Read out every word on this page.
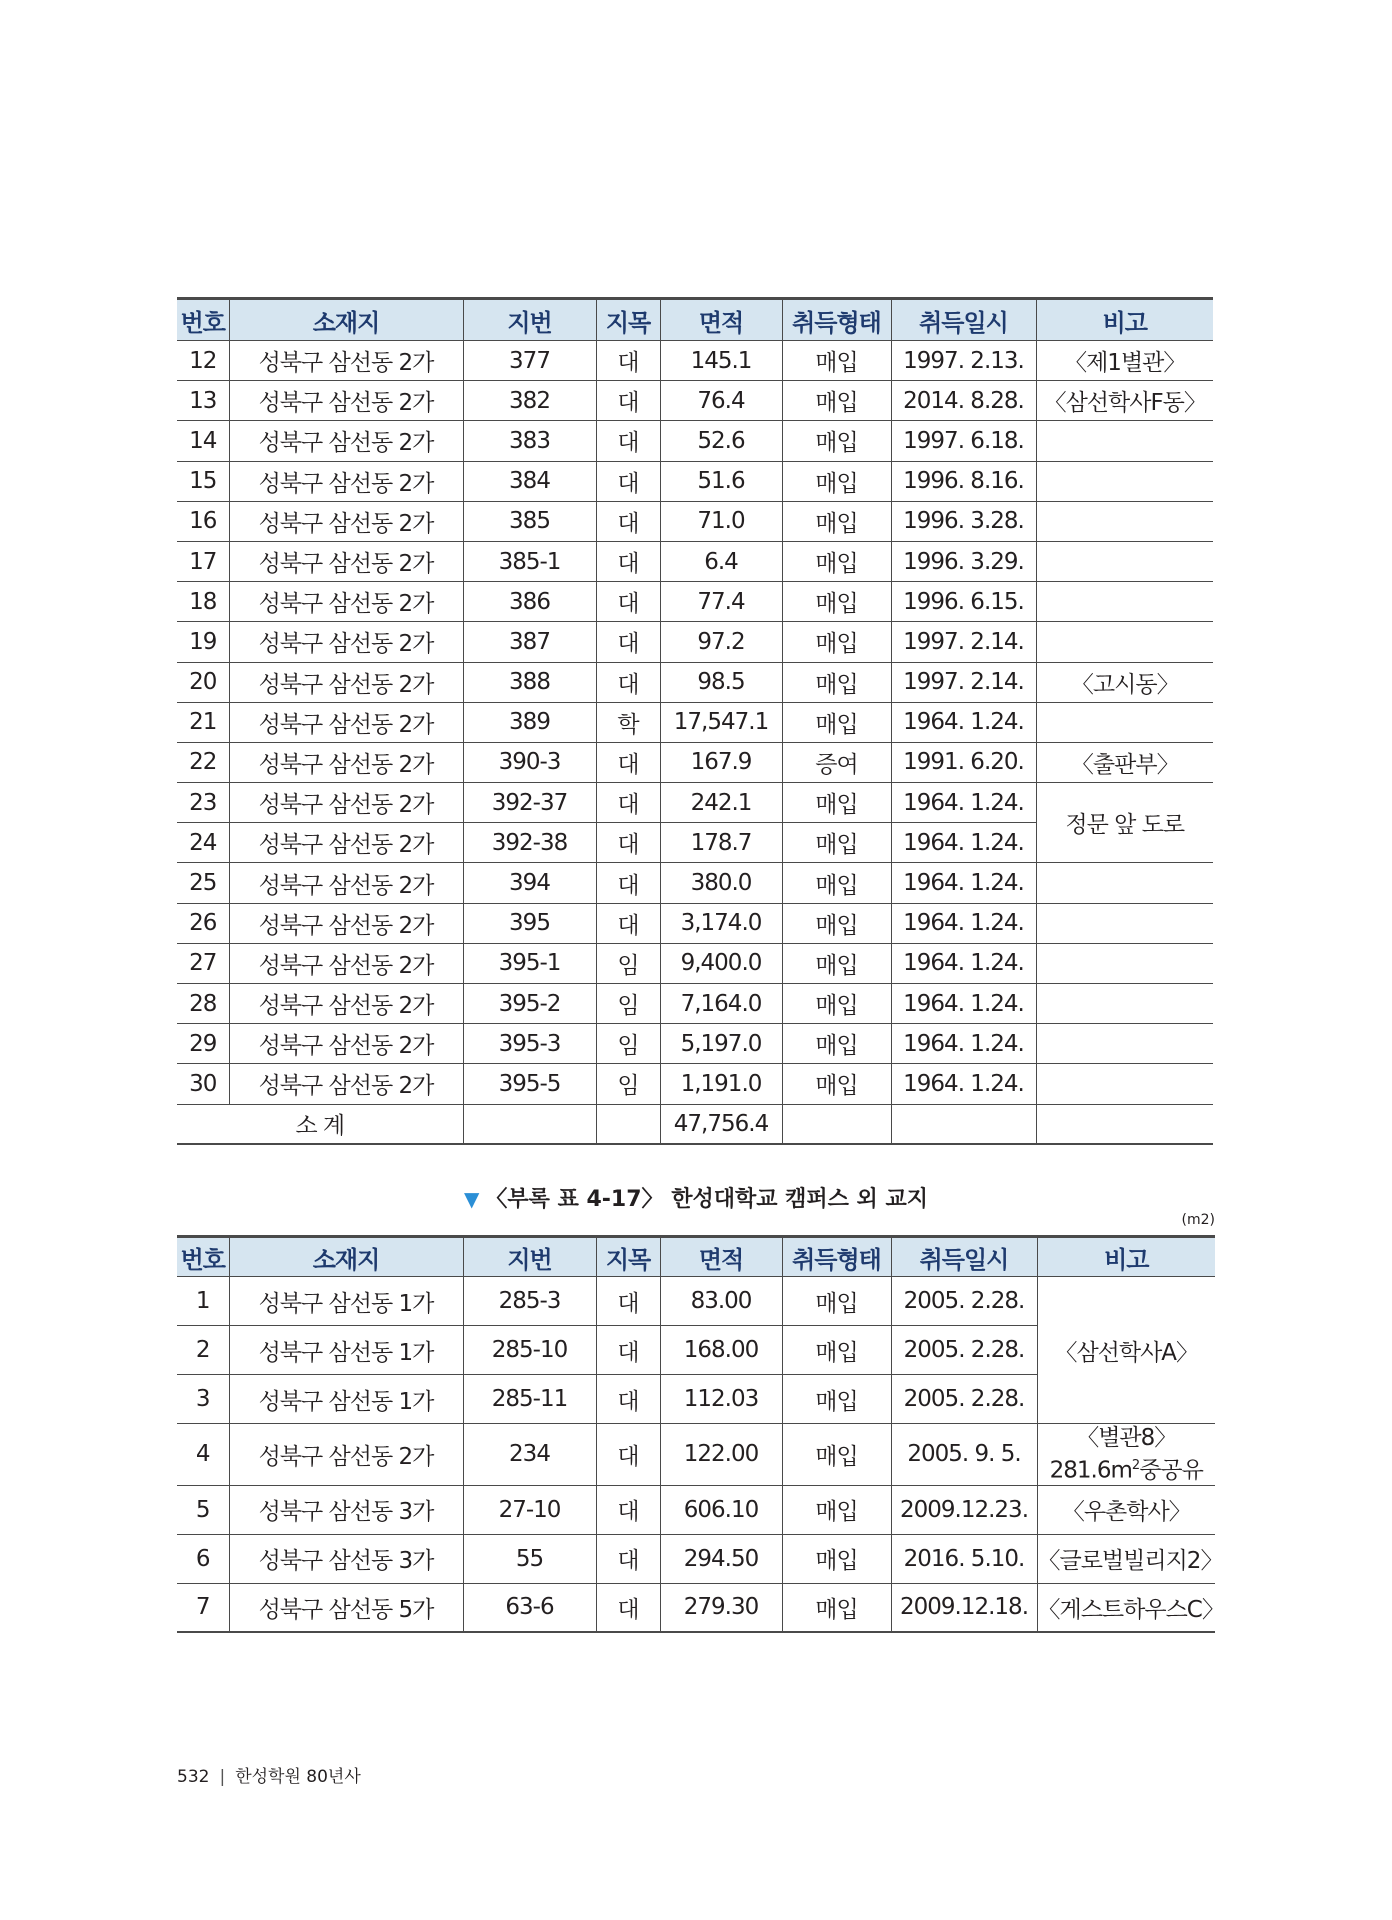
번호	소재지	지번	지목	면적	취득형태	취득일시	비고
12	성북구 삼선동 2가	377	대	145.1	매입	1997. 2.13.	〈제1별관〉
13	성북구 삼선동 2가	382	대	76.4	매입	2014. 8.28.	〈삼선학사F동〉
14	성북구 삼선동 2가	383	대	52.6	매입	1997. 6.18.	
15	성북구 삼선동 2가	384	대	51.6	매입	1996. 8.16.	
16	성북구 삼선동 2가	385	대	71.0	매입	1996. 3.28.	
17	성북구 삼선동 2가	385-1	대	6.4	매입	1996. 3.29.	
18	성북구 삼선동 2가	386	대	77.4	매입	1996. 6.15.	
19	성북구 삼선동 2가	387	대	97.2	매입	1997. 2.14.	
20	성북구 삼선동 2가	388	대	98.5	매입	1997. 2.14.	〈고시동〉
21	성북구 삼선동 2가	389	학	17,547.1	매입	1964. 1.24.	
22	성북구 삼선동 2가	390-3	대	167.9	증여	1991. 6.20.	〈출판부〉
23	성북구 삼선동 2가	392-37	대	242.1	매입	1964. 1.24.	정문 앞 도로
24	성북구 삼선동 2가	392-38	대	178.7	매입	1964. 1.24.	
25	성북구 삼선동 2가	394	대	380.0	매입	1964. 1.24.	
26	성북구 삼선동 2가	395	대	3,174.0	매입	1964. 1.24.	
27	성북구 삼선동 2가	395-1	임	9,400.0	매입	1964. 1.24.	
28	성북구 삼선동 2가	395-2	임	7,164.0	매입	1964. 1.24.	
29	성북구 삼선동 2가	395-3	임	5,197.0	매입	1964. 1.24.	
30	성북구 삼선동 2가	395-5	임	1,191.0	매입	1964. 1.24.	
소 계				47,756.4			
▼ 〈부록 표 4-17〉 한성대학교 캠퍼스 외 교지
(m2)
번호	소재지	지번	지목	면적	취득형태	취득일시	비고
1	성북구 삼선동 1가	285-3	대	83.00	매입	2005. 2.28.	〈삼선학사A〉
2	성북구 삼선동 1가	285-10	대	168.00	매입	2005. 2.28.	
3	성북구 삼선동 1가	285-11	대	112.03	매입	2005. 2.28.	
4	성북구 삼선동 2가	234	대	122.00	매입	2005. 9. 5.	〈별관8〉
$281.6m^2$중공유

5	성북구 삼선동 3가	27-10	대	606.10	매입	2009.12.23.	〈우촌학사〉
6	성북구 삼선동 3가	55	대	294.50	매입	2016. 5.10.	〈글로벌빌리지2〉
7	성북구 삼선동 5가	63-6	대	279.30	매입	2009.12.18.	〈게스트하우스C〉
532 | 한성학원 80년사
